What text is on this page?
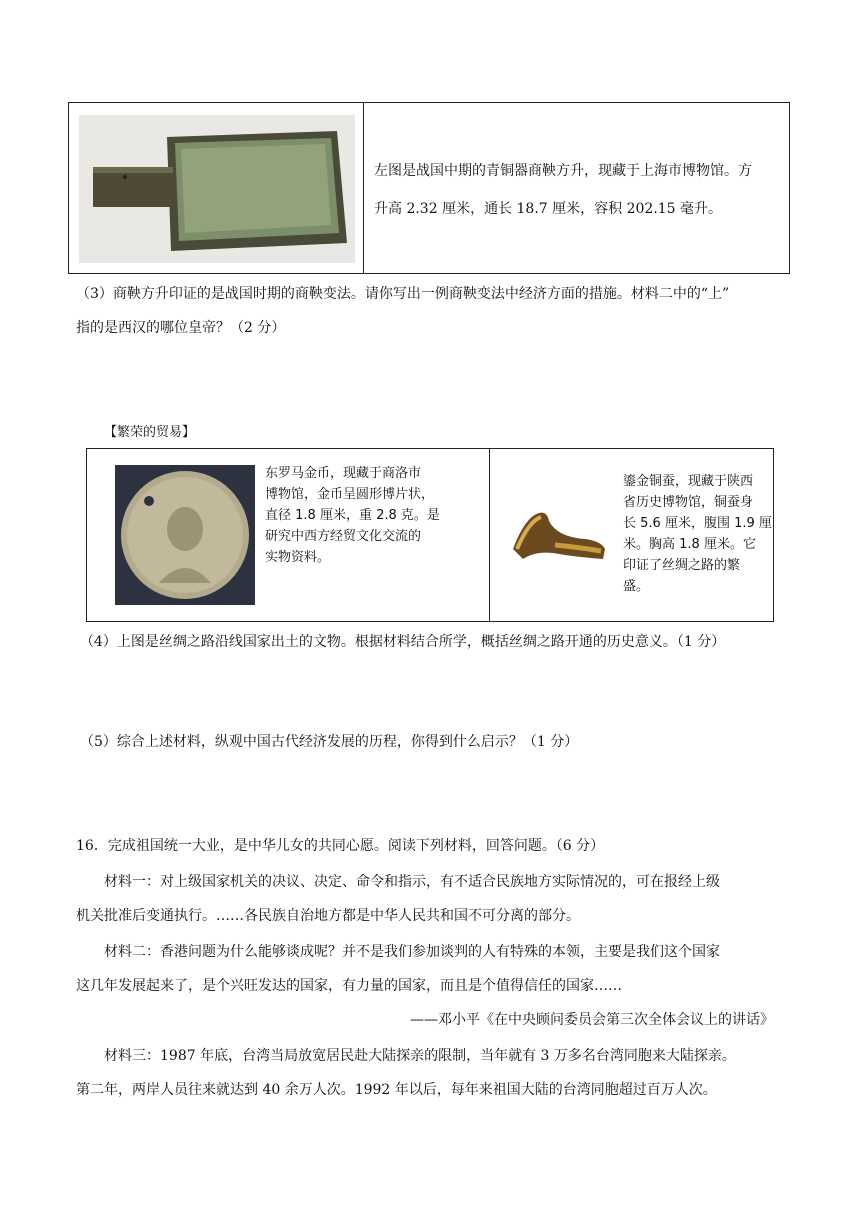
左图是战国中期的青铜器商鞅方升，现藏于上海市博物馆。方
升高 2.32 厘米，通长 18.7 厘米，容积 202.15 毫升。
（3）商鞅方升印证的是战国时期的商鞅变法。请你写出一例商鞅变法中经济方面的措施。材料二中的“上”
指的是西汉的哪位皇帝？（2 分）
【繁荣的贸易】
东罗马金币，现藏于商洛市
博物馆，金币呈圆形博片状，
直径 1.8 厘米，重 2.8 克。是
研究中西方经贸文化交流的
实物资料。
鎏金铜蚕，现藏于陕西
省历史博物馆，铜蚕身
长 5.6 厘米，腹围 1.9 厘
米。胸高 1.8 厘米。它
印证了丝绸之路的繁
盛。
（4）上图是丝绸之路沿线国家出土的文物。根据材料结合所学，概括丝绸之路开通的历史意义。（1 分）
（5）综合上述材料，纵观中国古代经济发展的历程，你得到什么启示？（1 分）
16．完成祖国统一大业，是中华儿女的共同心愿。阅读下列材料，回答问题。（6 分）
材料一：对上级国家机关的决议、决定、命令和指示，有不适合民族地方实际情况的，可在报经上级
机关批准后变通执行。……各民族自治地方都是中华人民共和国不可分离的部分。
材料二：香港问题为什么能够谈成呢？并不是我们参加谈判的人有特殊的本领，主要是我们这个国家
这几年发展起来了，是个兴旺发达的国家，有力量的国家，而且是个值得信任的国家……
——邓小平《在中央顾问委员会第三次全体会议上的讲话》
材料三：1987 年底，台湾当局放宽居民赴大陆探亲的限制，当年就有 3 万多名台湾同胞来大陆探亲。
第二年，两岸人员往来就达到 40 余万人次。1992 年以后，每年来祖国大陆的台湾同胞超过百万人次。
